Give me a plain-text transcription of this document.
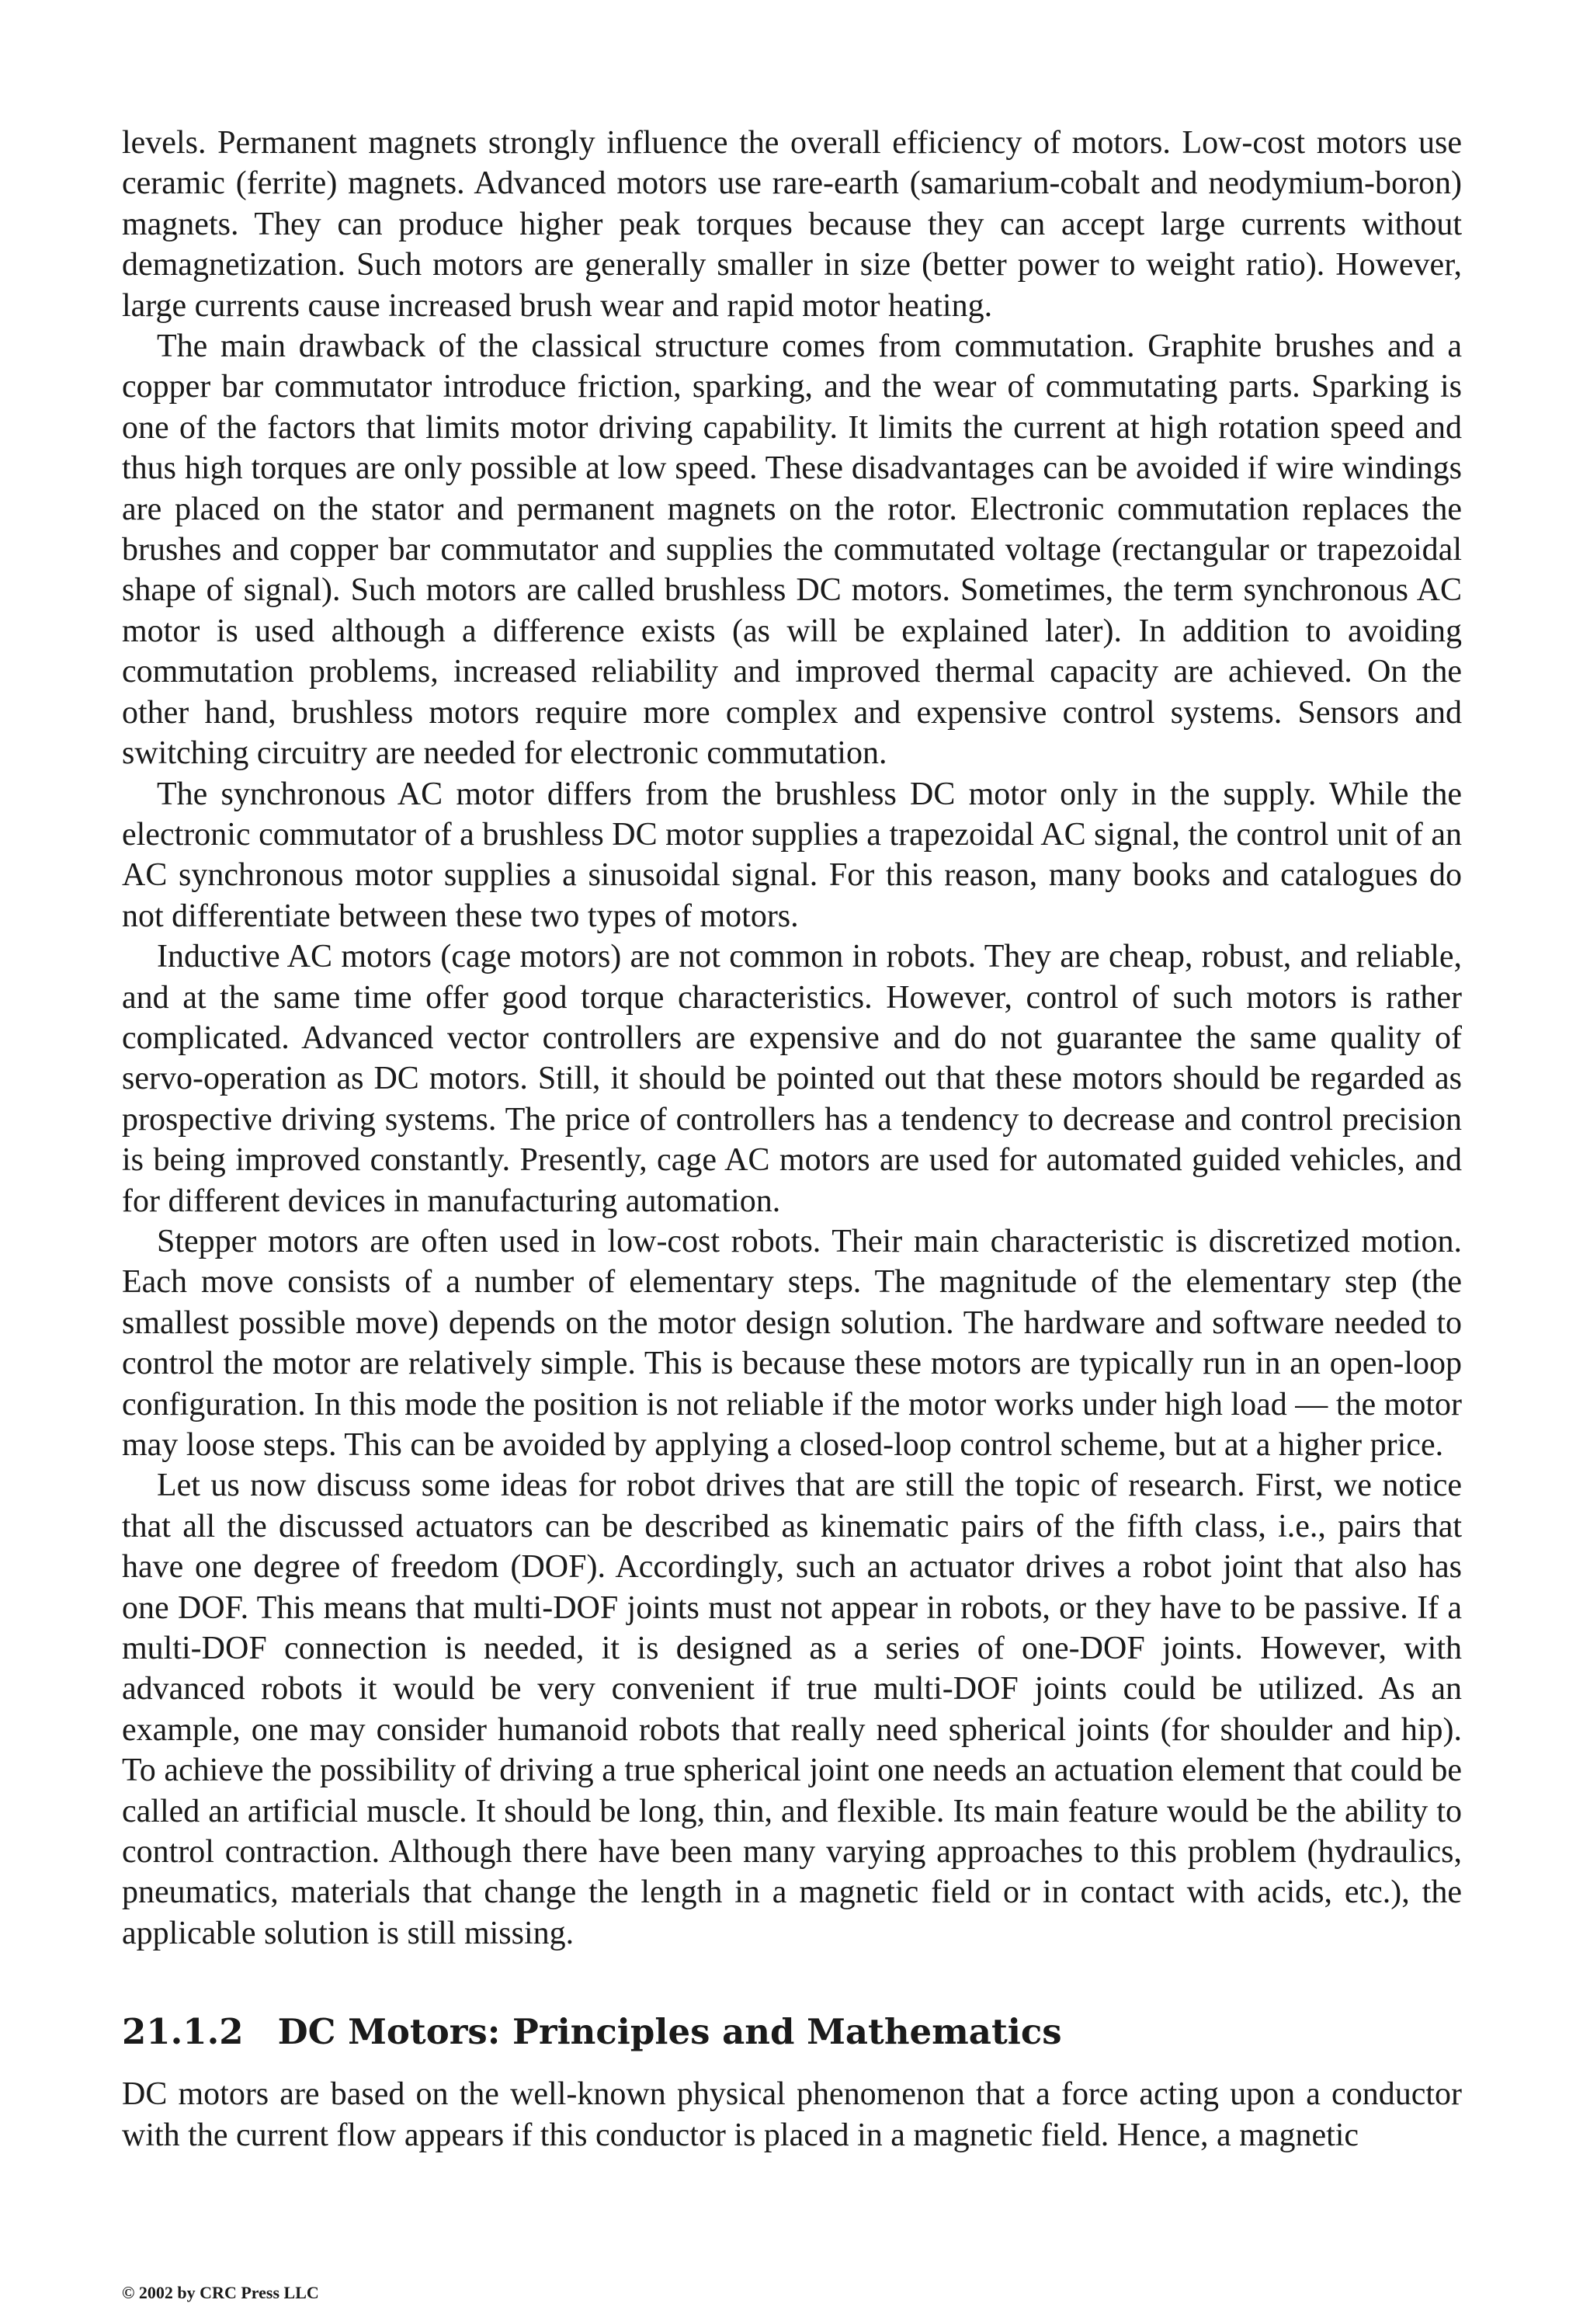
levels. Permanent magnets strongly influence the overall efficiency of motors. Low-cost motors use ceramic (ferrite) magnets. Advanced motors use rare-earth (samarium-cobalt and neodymium-boron) magnets. They can produce higher peak torques because they can accept large currents without demagnetization. Such motors are generally smaller in size (better power to weight ratio). However, large currents cause increased brush wear and rapid motor heating.

The main drawback of the classical structure comes from commutation. Graphite brushes and a copper bar commutator introduce friction, sparking, and the wear of commutating parts. Sparking is one of the factors that limits motor driving capability. It limits the current at high rotation speed and thus high torques are only possible at low speed. These disadvantages can be avoided if wire windings are placed on the stator and permanent magnets on the rotor. Electronic commutation replaces the brushes and copper bar commutator and supplies the commutated voltage (rectangular or trapezoidal shape of signal). Such motors are called brushless DC motors. Sometimes, the term synchronous AC motor is used although a difference exists (as will be explained later). In addition to avoiding commutation problems, increased reliability and improved thermal capacity are achieved. On the other hand, brushless motors require more complex and expensive control systems. Sensors and switching circuitry are needed for electronic commutation.

The synchronous AC motor differs from the brushless DC motor only in the supply. While the electronic commutator of a brushless DC motor supplies a trapezoidal AC signal, the control unit of an AC synchronous motor supplies a sinusoidal signal. For this reason, many books and catalogues do not differentiate between these two types of motors.

Inductive AC motors (cage motors) are not common in robots. They are cheap, robust, and reliable, and at the same time offer good torque characteristics. However, control of such motors is rather complicated. Advanced vector controllers are expensive and do not guarantee the same quality of servo-operation as DC motors. Still, it should be pointed out that these motors should be regarded as prospective driving systems. The price of controllers has a tendency to decrease and control precision is being improved constantly. Presently, cage AC motors are used for automated guided vehicles, and for different devices in manufacturing automation.

Stepper motors are often used in low-cost robots. Their main characteristic is discretized motion. Each move consists of a number of elementary steps. The magnitude of the elementary step (the smallest possible move) depends on the motor design solution. The hardware and software needed to control the motor are relatively simple. This is because these motors are typically run in an open-loop configuration. In this mode the position is not reliable if the motor works under high load — the motor may loose steps. This can be avoided by applying a closed-loop control scheme, but at a higher price.

Let us now discuss some ideas for robot drives that are still the topic of research. First, we notice that all the discussed actuators can be described as kinematic pairs of the fifth class, i.e., pairs that have one degree of freedom (DOF). Accordingly, such an actuator drives a robot joint that also has one DOF. This means that multi-DOF joints must not appear in robots, or they have to be passive. If a multi-DOF connection is needed, it is designed as a series of one-DOF joints. However, with advanced robots it would be very convenient if true multi-DOF joints could be utilized. As an example, one may consider humanoid robots that really need spherical joints (for shoulder and hip). To achieve the possibility of driving a true spherical joint one needs an actuation element that could be called an artificial muscle. It should be long, thin, and flexible. Its main feature would be the ability to control contraction. Although there have been many varying approaches to this problem (hydraulics, pneumatics, materials that change the length in a magnetic field or in contact with acids, etc.), the applicable solution is still missing.

21.1.2 DC Motors: Principles and Mathematics

DC motors are based on the well-known physical phenomenon that a force acting upon a conductor with the current flow appears if this conductor is placed in a magnetic field. Hence, a magnetic

© 2002 by CRC Press LLC
